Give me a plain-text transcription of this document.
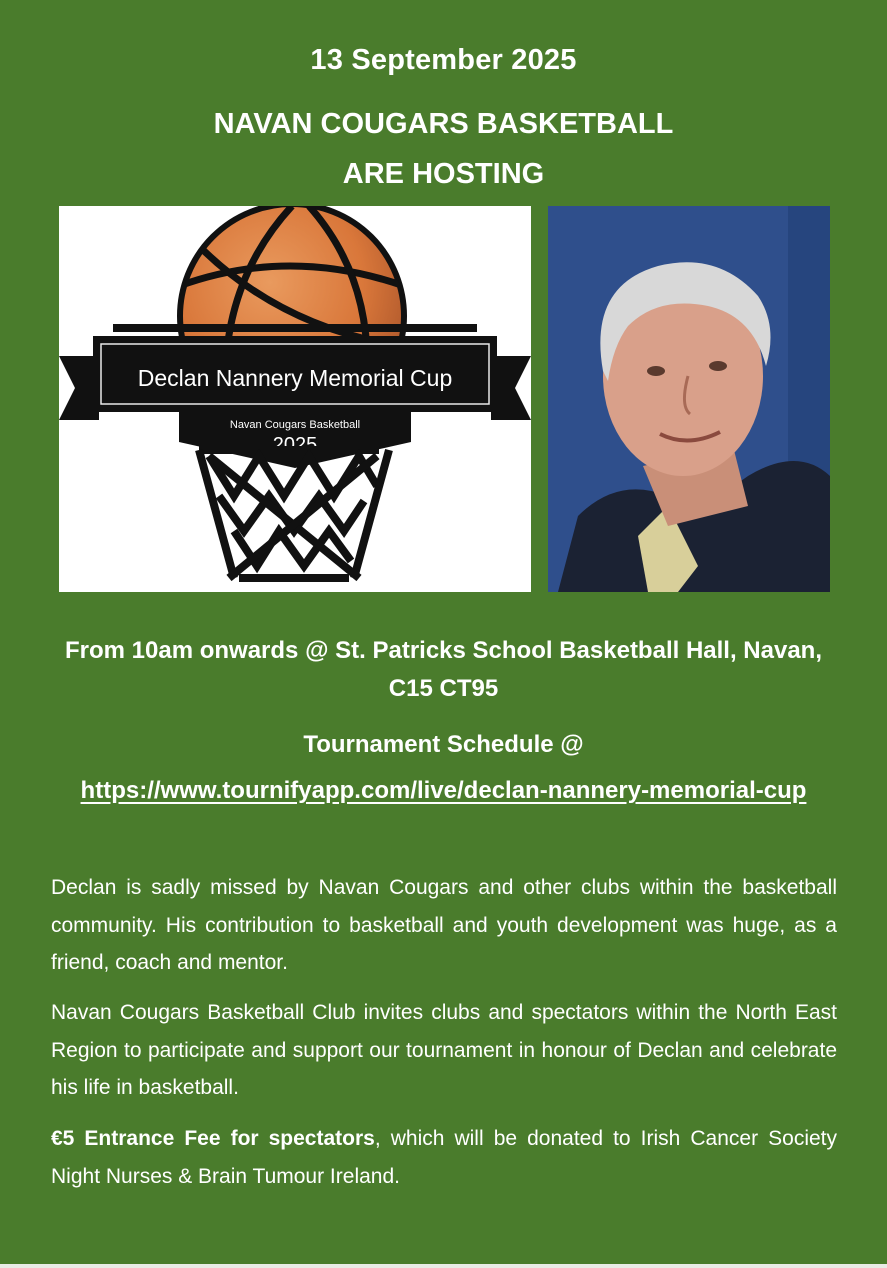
13 September 2025
NAVAN COUGARS BASKETBALL
ARE HOSTING
Declan Nannery Memorial Cup
Navan Cougars Basketball
2025
From 10am onwards @ St. Patricks School Basketball Hall, Navan, C15 CT95
Tournament Schedule @
https://www.tournifyapp.com/live/declan-nannery-memorial-cup
Declan is sadly missed by Navan Cougars and other clubs within the basketball community. His contribution to basketball and youth development was huge, as a friend, coach and mentor.
Navan Cougars Basketball Club invites clubs and spectators within the North East Region to participate and support our tournament in honour of Declan and celebrate his life in basketball.
€5 Entrance Fee for spectators, which will be donated to Irish Cancer Society Night Nurses & Brain Tumour Ireland.
